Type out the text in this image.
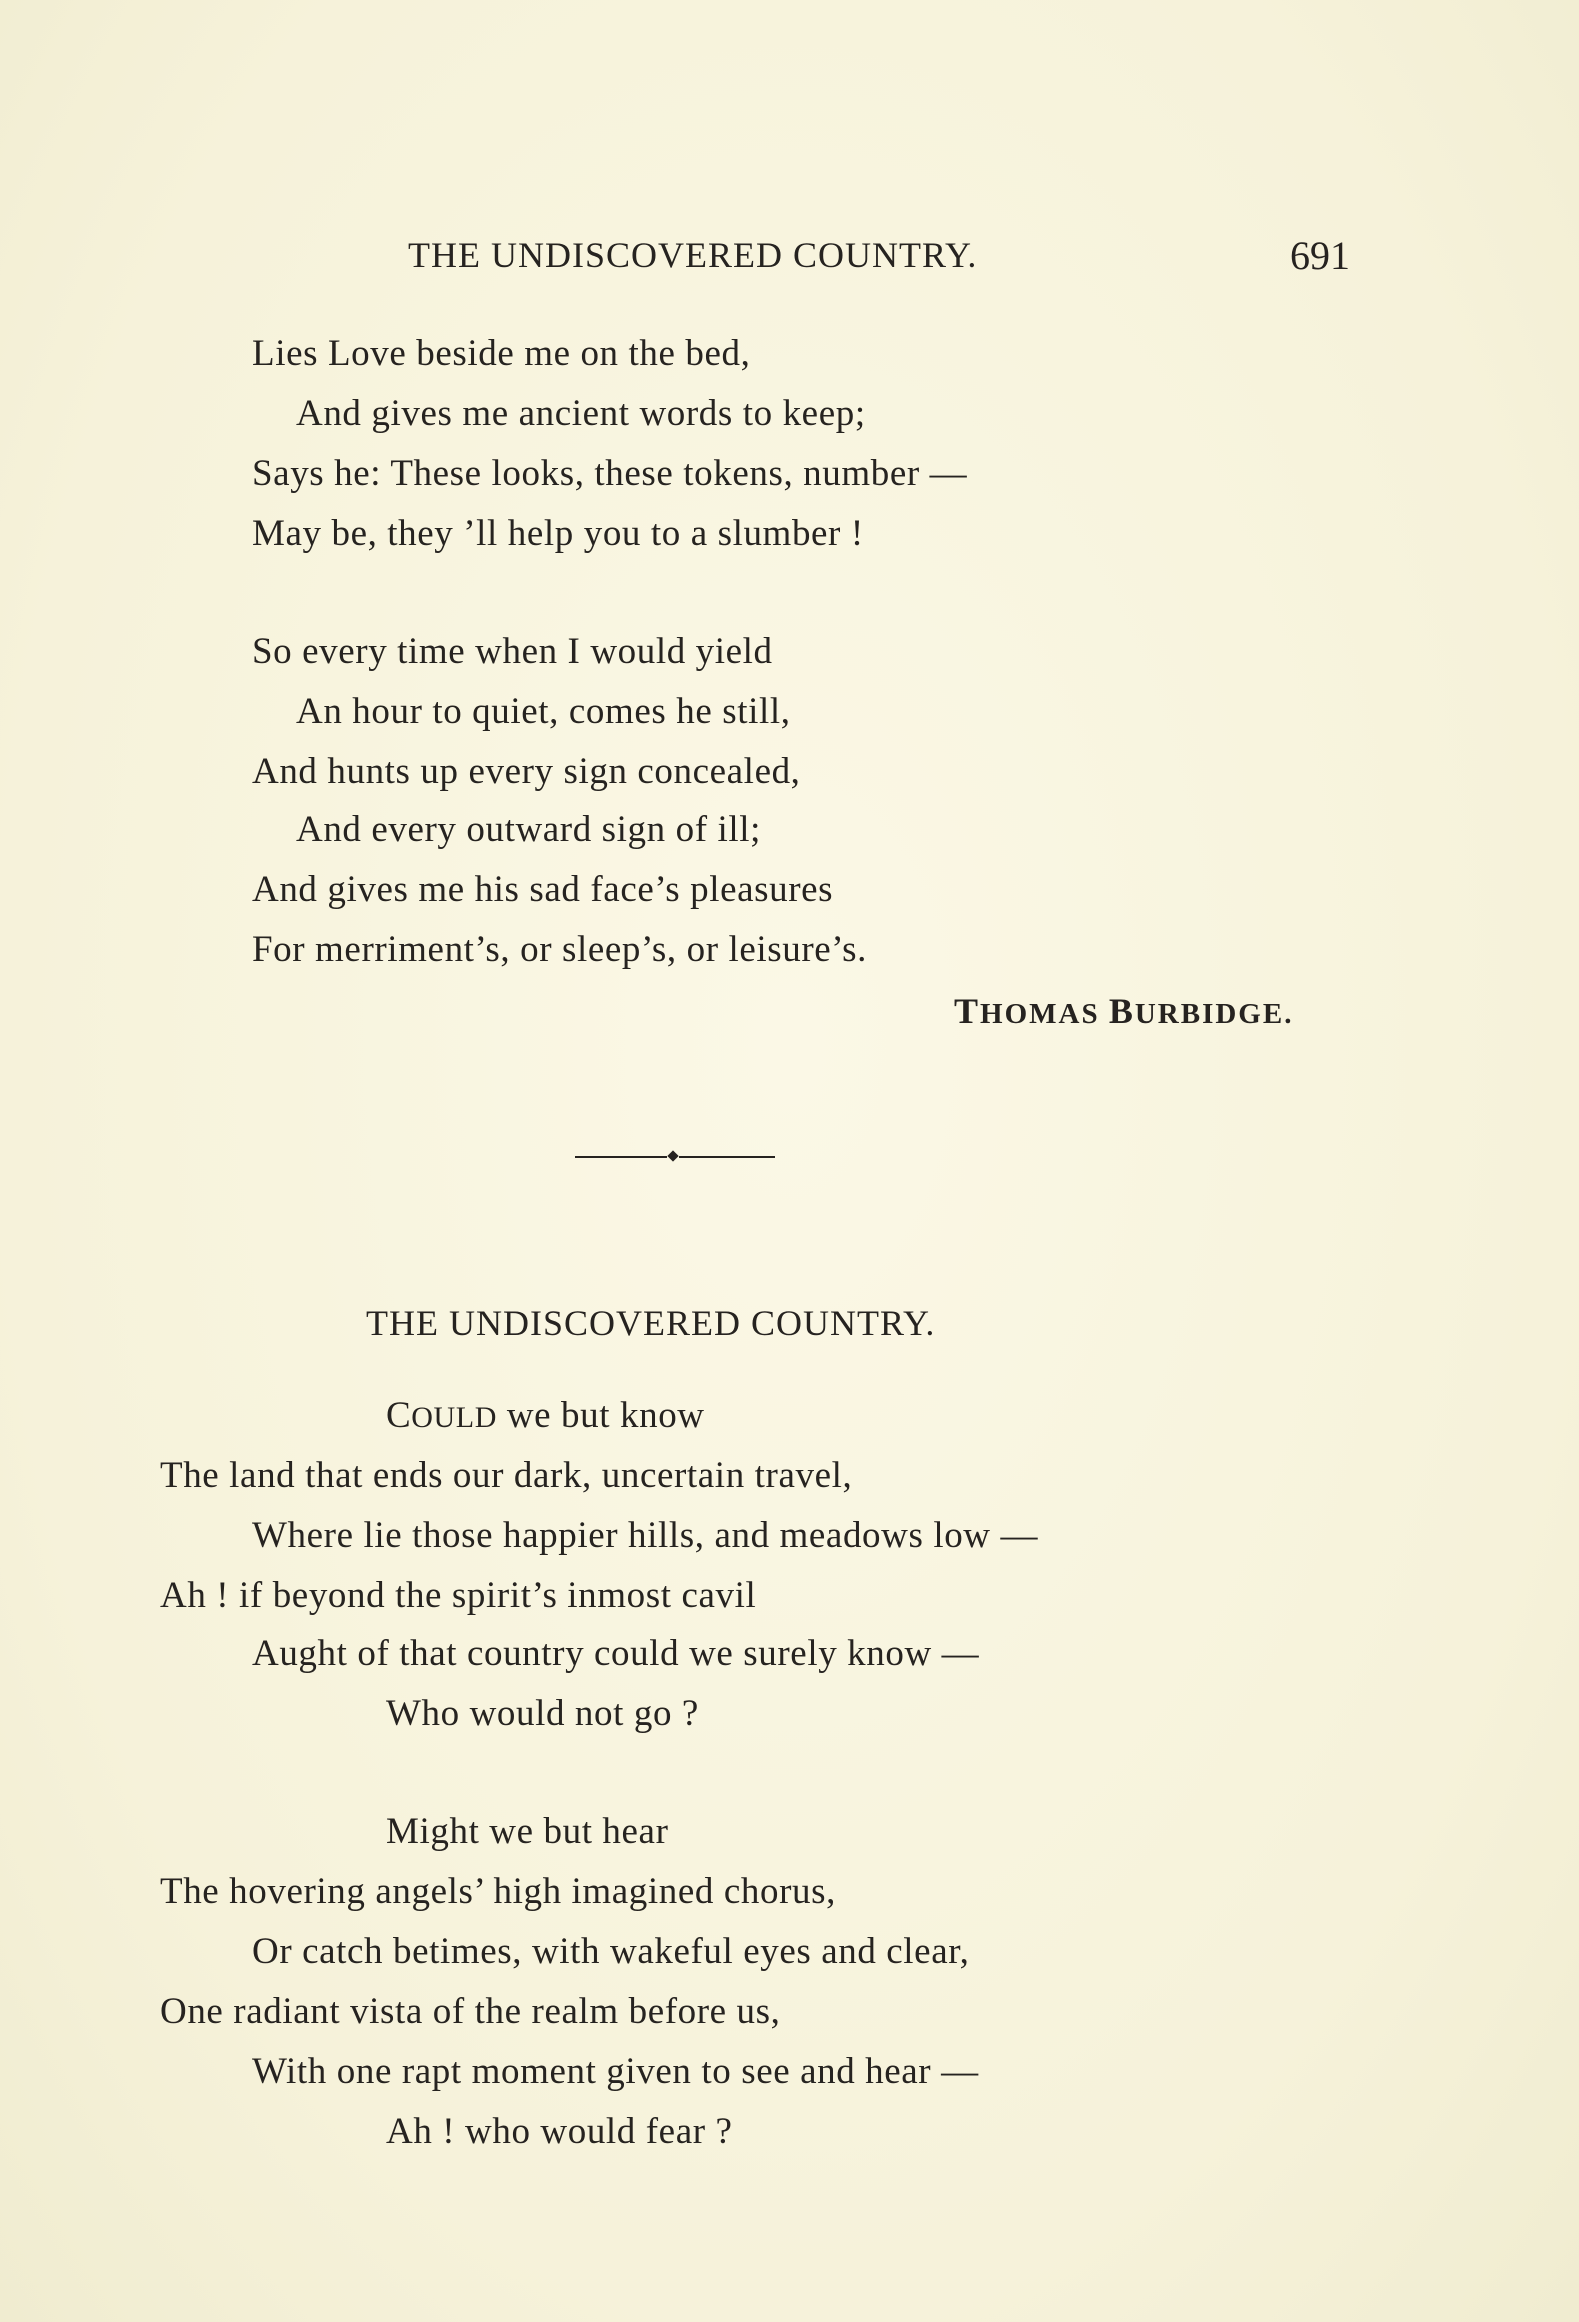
THE UNDISCOVERED COUNTRY.	691
Lies Love beside me on the bed,
And gives me ancient words to keep;
Says he: These looks, these tokens, number —
May be, they ’ll help you to a slumber !
So every time when I would yield
An hour to quiet, comes he still,
And hunts up every sign concealed,
And every outward sign of ill;
And gives me his sad face’s pleasures
For merriment’s, or sleep’s, or leisure’s.
THOMAS BURBIDGE.
THE UNDISCOVERED COUNTRY.
COULD we but know
The land that ends our dark, uncertain travel,
Where lie those happier hills, and meadows low —
Ah ! if beyond the spirit’s inmost cavil
Aught of that country could we surely know —
Who would not go ?
Might we but hear
The hovering angels’ high imagined chorus,
Or catch betimes, with wakeful eyes and clear,
One radiant vista of the realm before us,
With one rapt moment given to see and hear —
Ah ! who would fear ?
